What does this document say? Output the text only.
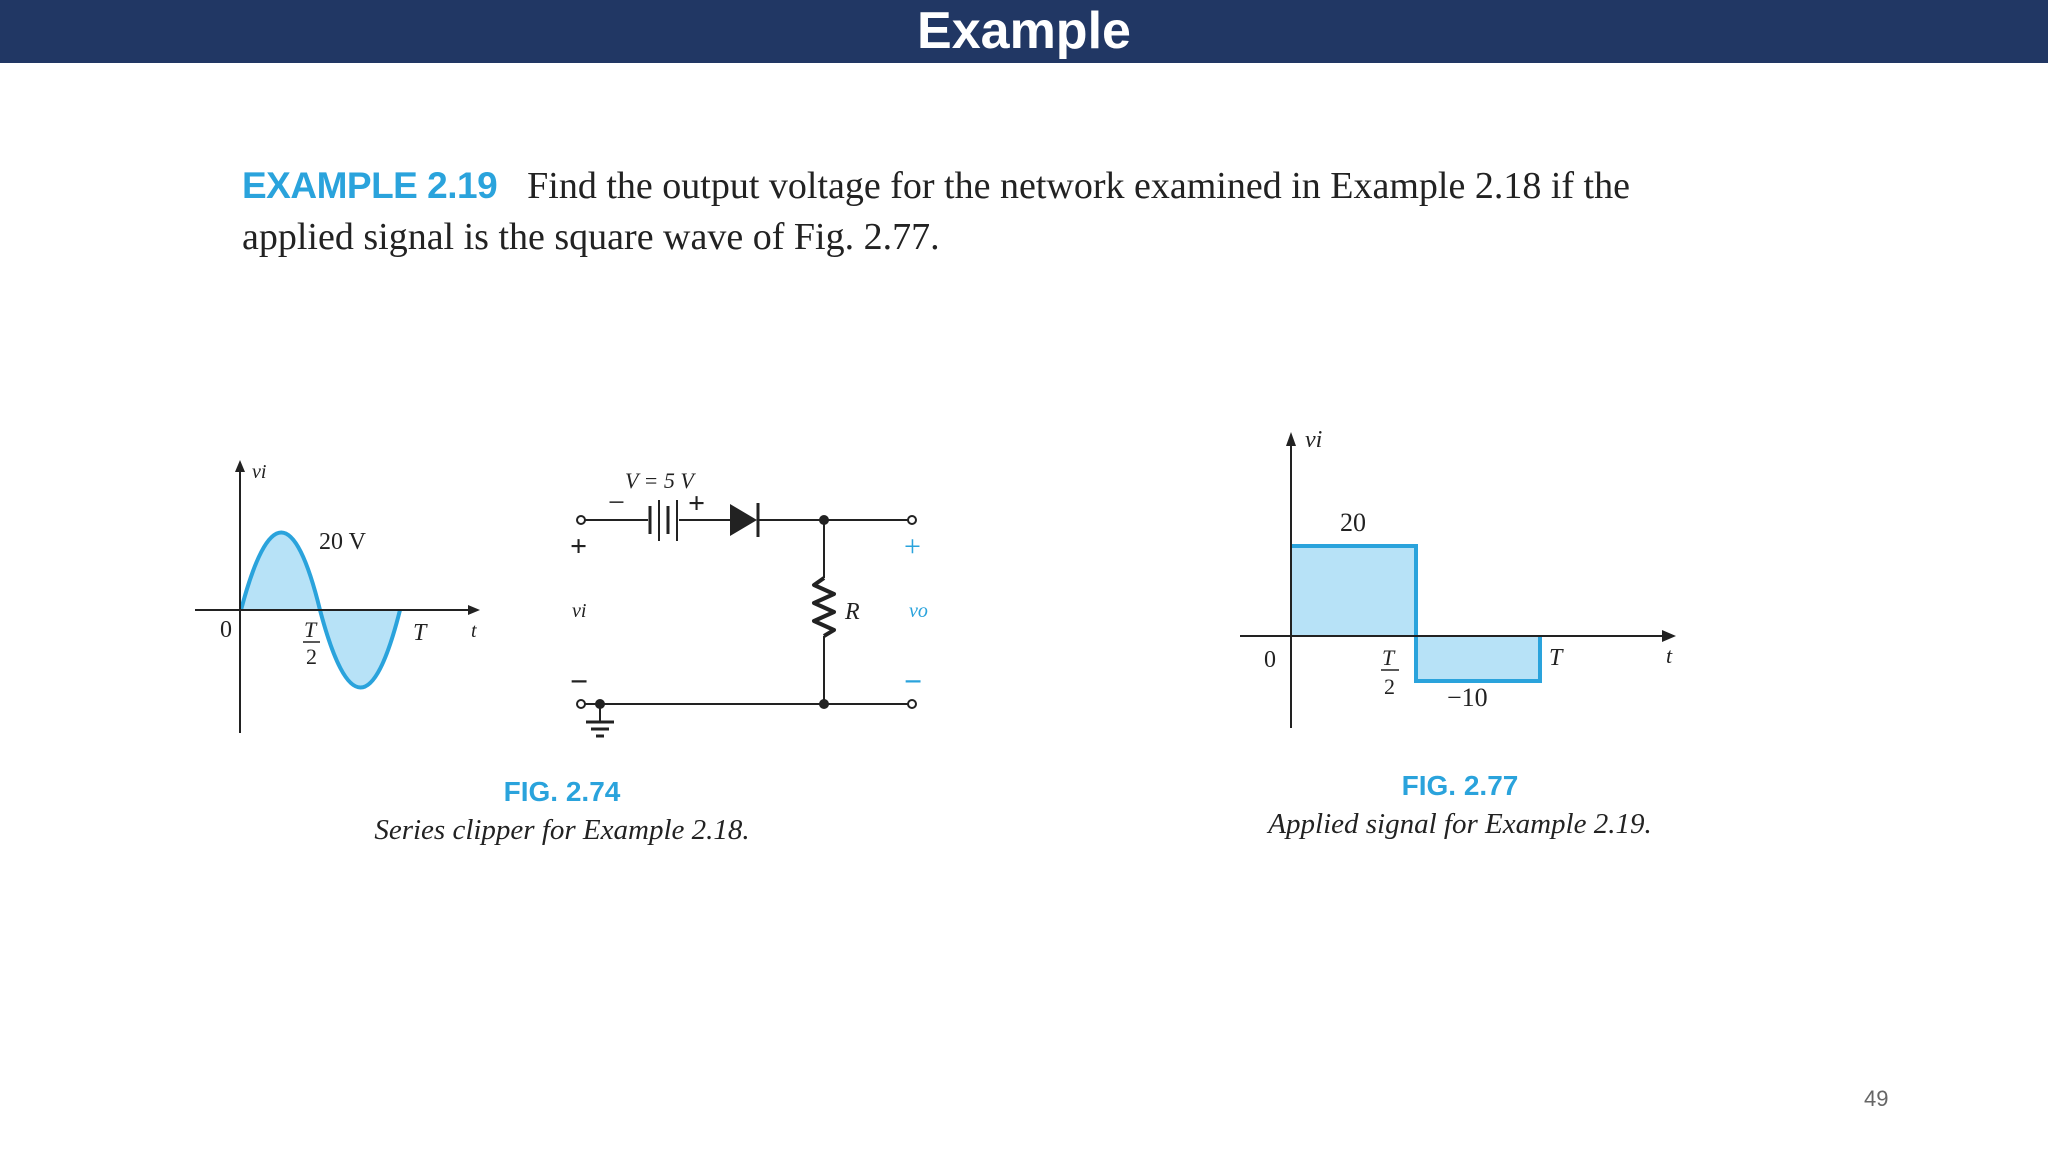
Example
EXAMPLE 2.19 Find the output voltage for the network examined in Example 2.18 if the
applied signal is the square wave of Fig. 2.77.
vi
20 V
0	T
2
T t
V = 5 V
− +
R
+
vi
−
+
vo
−
FIG. 2.74
Series clipper for Example 2.18.
vi
t
0	T
2
T
20
−10
FIG. 2.77
Applied signal for Example 2.19.
49
